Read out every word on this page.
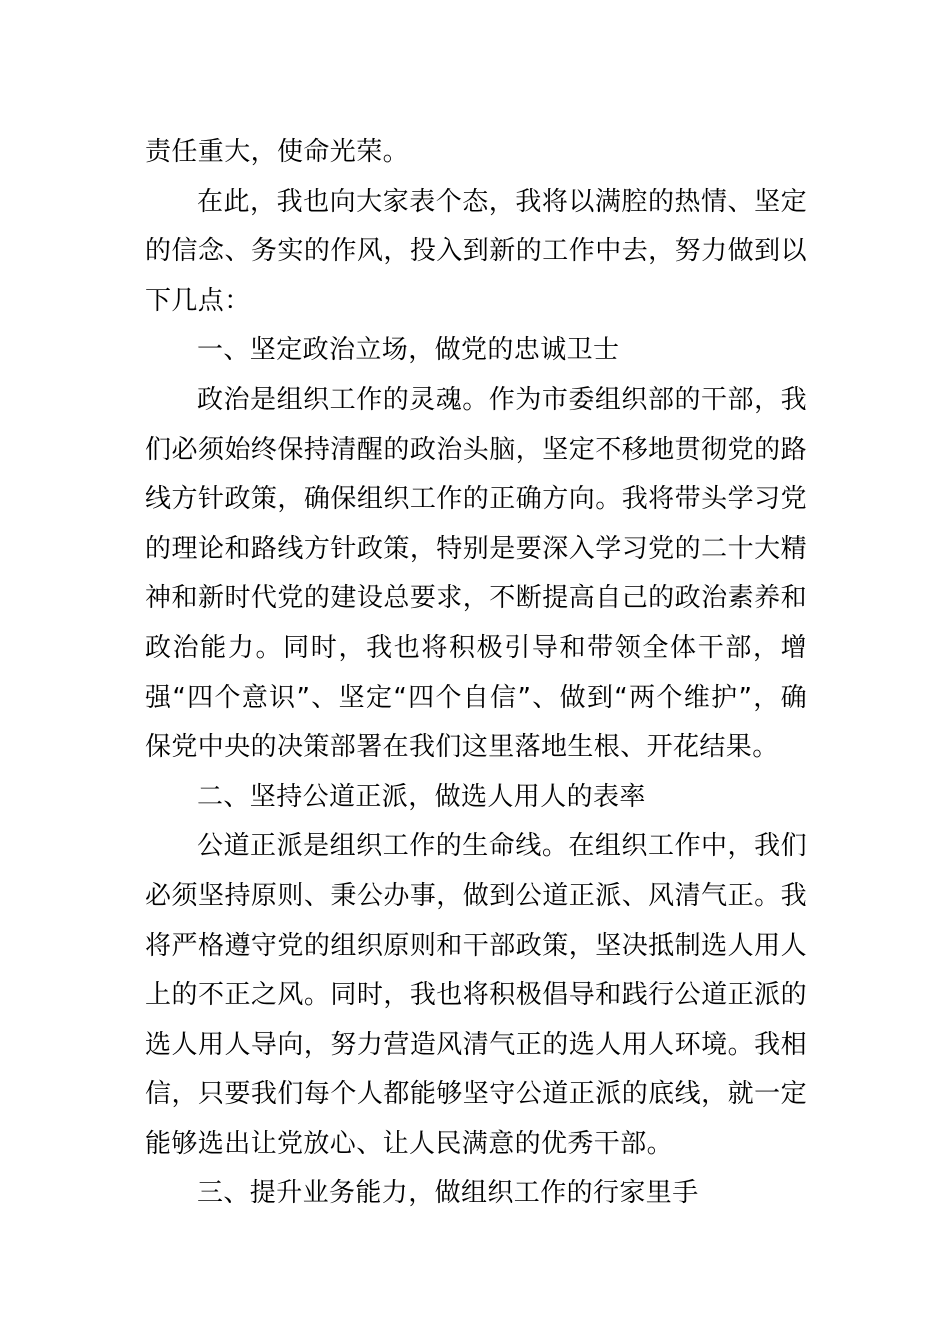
责任重大，使命光荣。

在此，我也向大家表个态，我将以满腔的热情、坚定的信念、务实的作风，投入到新的工作中去，努力做到以下几点：

一、坚定政治立场，做党的忠诚卫士

政治是组织工作的灵魂。作为市委组织部的干部，我们必须始终保持清醒的政治头脑，坚定不移地贯彻党的路线方针政策，确保组织工作的正确方向。我将带头学习党的理论和路线方针政策，特别是要深入学习党的二十大精神和新时代党的建设总要求，不断提高自己的政治素养和政治能力。同时，我也将积极引导和带领全体干部，增强“四个意识”、坚定“四个自信”、做到“两个维护”，确保党中央的决策部署在我们这里落地生根、开花结果。

二、坚持公道正派，做选人用人的表率

公道正派是组织工作的生命线。在组织工作中，我们必须坚持原则、秉公办事，做到公道正派、风清气正。我将严格遵守党的组织原则和干部政策，坚决抵制选人用人上的不正之风。同时，我也将积极倡导和践行公道正派的选人用人导向，努力营造风清气正的选人用人环境。我相信，只要我们每个人都能够坚守公道正派的底线，就一定能够选出让党放心、让人民满意的优秀干部。

三、提升业务能力，做组织工作的行家里手
